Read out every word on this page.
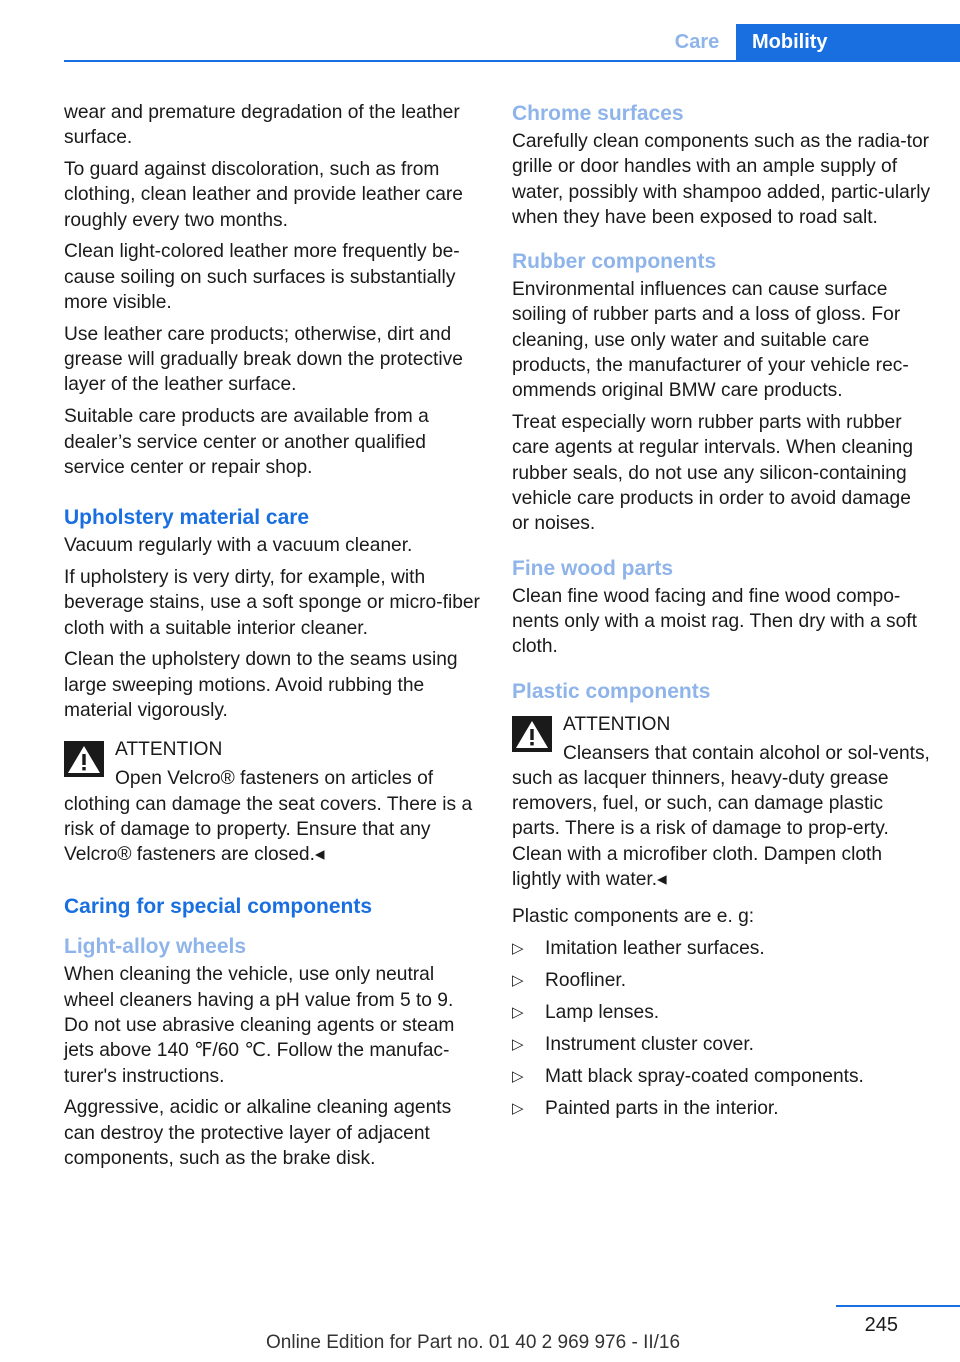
Care	Mobility

wear and premature degradation of the leather surface.

To guard against discoloration, such as from clothing, clean leather and provide leather care roughly every two months.

Clean light-colored leather more frequently be-cause soiling on such surfaces is substantially more visible.

Use leather care products; otherwise, dirt and grease will gradually break down the protective layer of the leather surface.

Suitable care products are available from a dealer’s service center or another qualified service center or repair shop.

Upholstery material care

Vacuum regularly with a vacuum cleaner.

If upholstery is very dirty, for example, with beverage stains, use a soft sponge or micro-fiber cloth with a suitable interior cleaner.

Clean the upholstery down to the seams using large sweeping motions. Avoid rubbing the material vigorously.

ATTENTION

Open Velcro® fasteners on articles of clothing can damage the seat covers. There is a risk of damage to property. Ensure that any Velcro® fasteners are closed.◂

Caring for special components
Light-alloy wheels

When cleaning the vehicle, use only neutral wheel cleaners having a pH value from 5 to 9. Do not use abrasive cleaning agents or steam jets above 140 ℉/60 ℃. Follow the manufac-turer's instructions.

Aggressive, acidic or alkaline cleaning agents can destroy the protective layer of adjacent components, such as the brake disk.

Chrome surfaces

Carefully clean components such as the radia-tor grille or door handles with an ample supply of water, possibly with shampoo added, partic-ularly when they have been exposed to road salt.

Rubber components

Environmental influences can cause surface soiling of rubber parts and a loss of gloss. For cleaning, use only water and suitable care products, the manufacturer of your vehicle rec-ommends original BMW care products.

Treat especially worn rubber parts with rubber care agents at regular intervals. When cleaning rubber seals, do not use any silicon-containing vehicle care products in order to avoid damage or noises.

Fine wood parts

Clean fine wood facing and fine wood compo-nents only with a moist rag. Then dry with a soft cloth.

Plastic components
ATTENTION

Cleansers that contain alcohol or sol-vents, such as lacquer thinners, heavy-duty grease removers, fuel, or such, can damage plastic parts. There is a risk of damage to prop-erty. Clean with a microfiber cloth. Dampen cloth lightly with water.◂

Plastic components are e. g:

▷ Imitation leather surfaces.
▷ Roofliner.
▷ Lamp lenses.
▷ Instrument cluster cover.
▷ Matt black spray-coated components.
▷ Painted parts in the interior.
245
Online Edition for Part no. 01 40 2 969 976 - II/16
